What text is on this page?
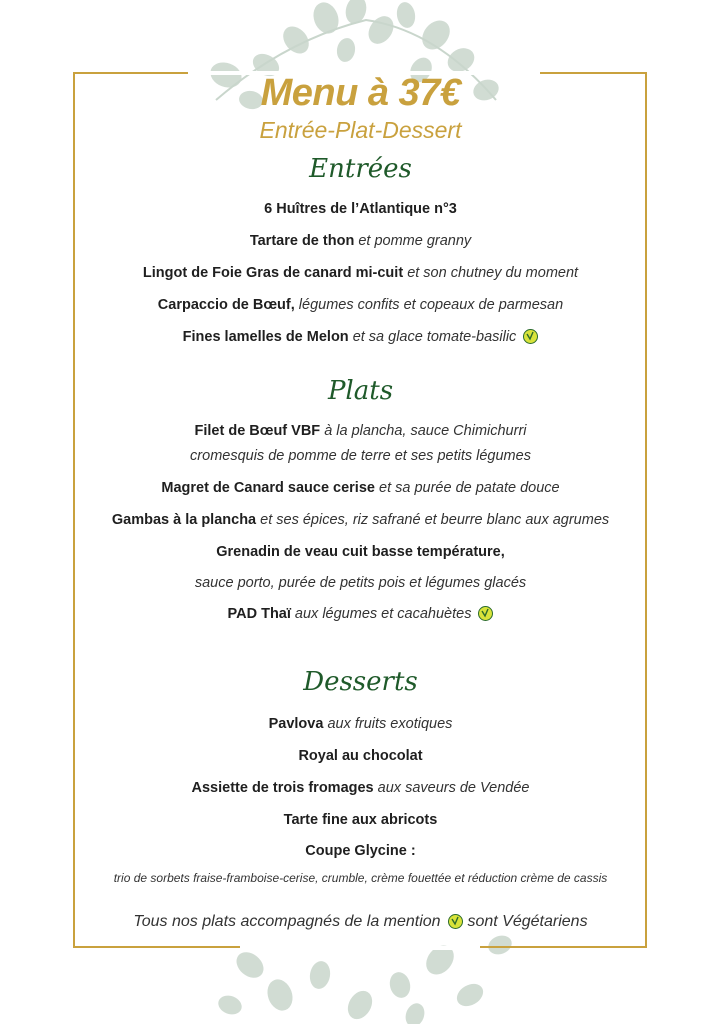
Menu à 37€
Entrée-Plat-Dessert
Entrées
6 Huîtres de l’Atlantique n°3
Tartare de thon et pomme granny
Lingot de Foie Gras de canard mi-cuit et son chutney du moment
Carpaccio de Bœuf, légumes confits et copeaux de parmesan
Fines lamelles de Melon et sa glace tomate-basilic
Plats
Filet de Bœuf VBF à la plancha, sauce Chimichurri
cromesquis de pomme de terre et ses petits légumes
Magret de Canard sauce cerise et sa purée de patate douce
Gambas à la plancha et ses épices, riz safrané et beurre blanc aux agrumes
Grenadin de veau cuit basse température,
sauce porto, purée de petits pois et légumes glacés
PAD Thaï aux légumes et cacahuètes
Desserts
Pavlova aux fruits exotiques
Royal au chocolat
Assiette de trois fromages aux saveurs de Vendée
Tarte fine aux abricots
Coupe Glycine :
trio de sorbets fraise-framboise-cerise, crumble, crème fouettée et réduction crème de cassis
Tous nos plats accompagnés de la mention sont Végétariens
